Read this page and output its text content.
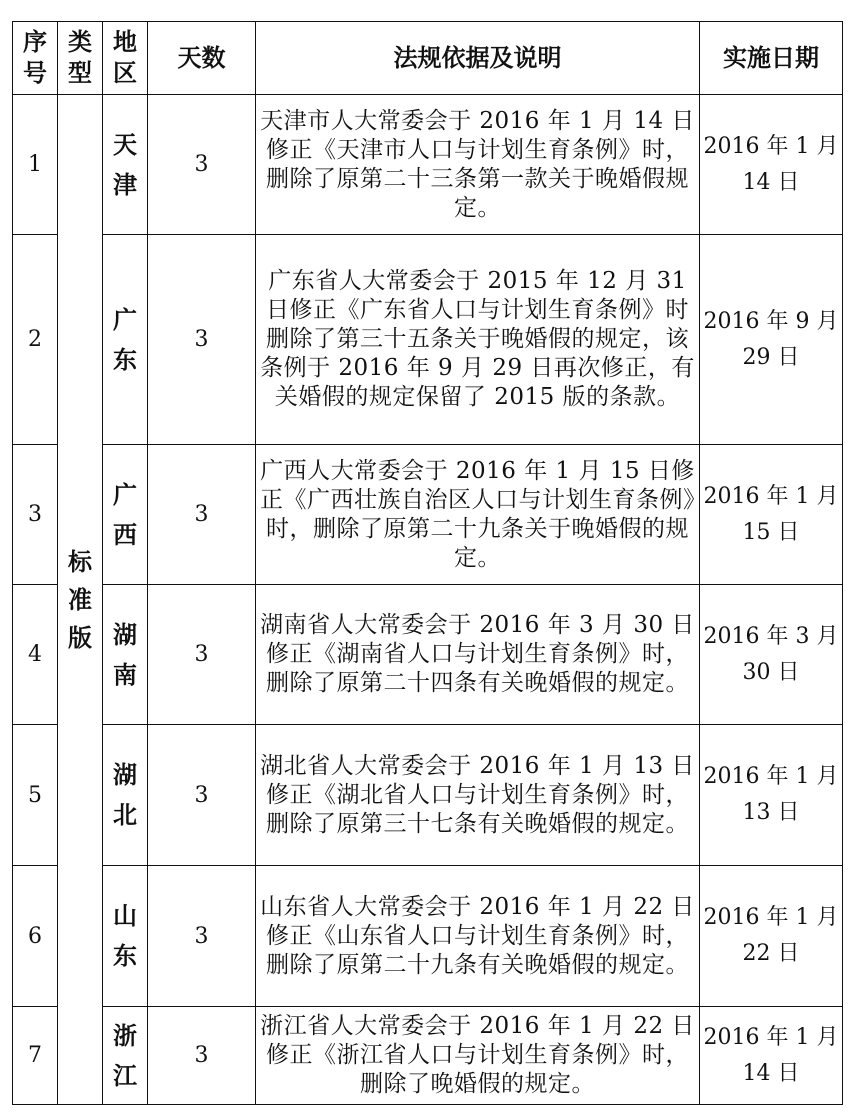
序号	类型	地区	天数	法规依据及说明	实施日期
1	标准版	天津	3	天津市人大常委会于 2016 年 1 月 14 日修正《天津市人口与计划生育条例》时，删除了原第二十三条第一款关于晚婚假规定。	2016 年 1 月 14 日
2		广东	3	广东省人大常委会于 2015 年 12 月 31 日修正《广东省人口与计划生育条例》时删除了第三十五条关于晚婚假的规定，该条例于 2016 年 9 月 29 日再次修正，有关婚假的规定保留了 2015 版的条款。	2016 年 9 月 29 日
3		广西	3	广西人大常委会于 2016 年 1 月 15 日修正《广西壮族自治区人口与计划生育条例》时，删除了原第二十九条关于晚婚假的规定。	2016 年 1 月 15 日
4		湖南	3	湖南省人大常委会于 2016 年 3 月 30 日修正《湖南省人口与计划生育条例》时，删除了原第二十四条有关晚婚假的规定。	2016 年 3 月 30 日
5		湖北	3	湖北省人大常委会于 2016 年 1 月 13 日修正《湖北省人口与计划生育条例》时，删除了原第三十七条有关晚婚假的规定。	2016 年 1 月 13 日
6		山东	3	山东省人大常委会于 2016 年 1 月 22 日修正《山东省人口与计划生育条例》时，删除了原第二十九条有关晚婚假的规定。	2016 年 1 月 22 日
7		浙江	3	浙江省人大常委会于 2016 年 1 月 22 日修正《浙江省人口与计划生育条例》时，删除了晚婚假的规定。	2016 年 1 月 14 日
